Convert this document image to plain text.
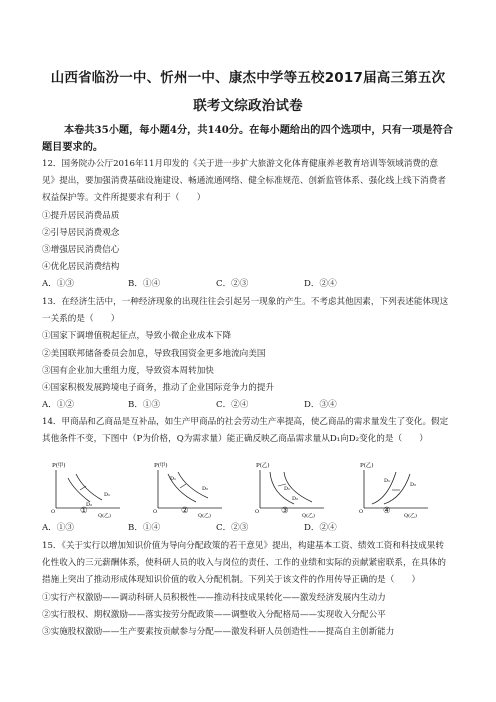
山西省临汾一中、忻州一中、康杰中学等五校2017届高三第五次
联考文综政治试卷
本卷共35小题，每小题4分，共140分。在每小题给出的四个选项中，只有一项是符合
题目要求的。
12．国务院办公厅2016年11月印发的《关于进一步扩大旅游文化体育健康养老教育培训等领域消费的意
见》提出，要加强消费基础设施建设、畅通流通网络、健全标准规范、创新监管体系、强化线上线下消费者
权益保护等。文件所提要求有利于（　　）
①提升居民消费品质
②引导居民消费观念
③增强居民消费信心
④优化居民消费结构
A．①③	B．①④	C．②③	D．②④
13．在经济生活中，一种经济现象的出现往往会引起另一现象的产生。不考虑其他因素，下列表述能体现这
一关系的是（　　）
①国家下调增值税起征点，导致小微企业成本下降
②美国联邦储备委员会加息，导致我国资金更多地流向美国
③国有企业加大重组力度，导致资本周转加快
④国家积极发展跨境电子商务，推动了企业国际竞争力的提升
A．①②	B．①③	C．②④	D．③④
14．甲商品和乙商品是互补品，如生产甲商品的社会劳动生产率提高，使乙商品的需求量发生了变化。假定
其他条件不变，下图中（P为价格，Q为需求量）能正确反映乙商品需求量从D₁向D₂变化的是（　　）
P(甲)
O
D₁
D₂
Q(乙)
P(甲)
O
D₁
D₂
Q(乙)
P(乙)
O
D₁
D₂
Q(乙)
P(乙)
O
D₁
D₂
Q(乙)
①	②	③	④
A．①③	B．①④	C．②③	D．②④
15．《关于实行以增加知识价值为导向分配政策的若干意见》提出，构建基本工资、绩效工资和科技成果转
化性收入的三元薪酬体系，使科研人员的收入与岗位的责任、工作的业绩和实际的贡献紧密联系，在具体的
措施上突出了推动形成体现知识价值的收入分配机制。下列关于该文件的作用传导正确的是（　　）
①实行产权激励——调动科研人员积极性——推动科技成果转化——激发经济发展内生动力
②实行股权、期权激励——落实按劳分配政策——调整收入分配格局——实现收入分配公平
③实施股权激励——生产要素按贡献参与分配——激发科研人员创造性——提高自主创新能力
